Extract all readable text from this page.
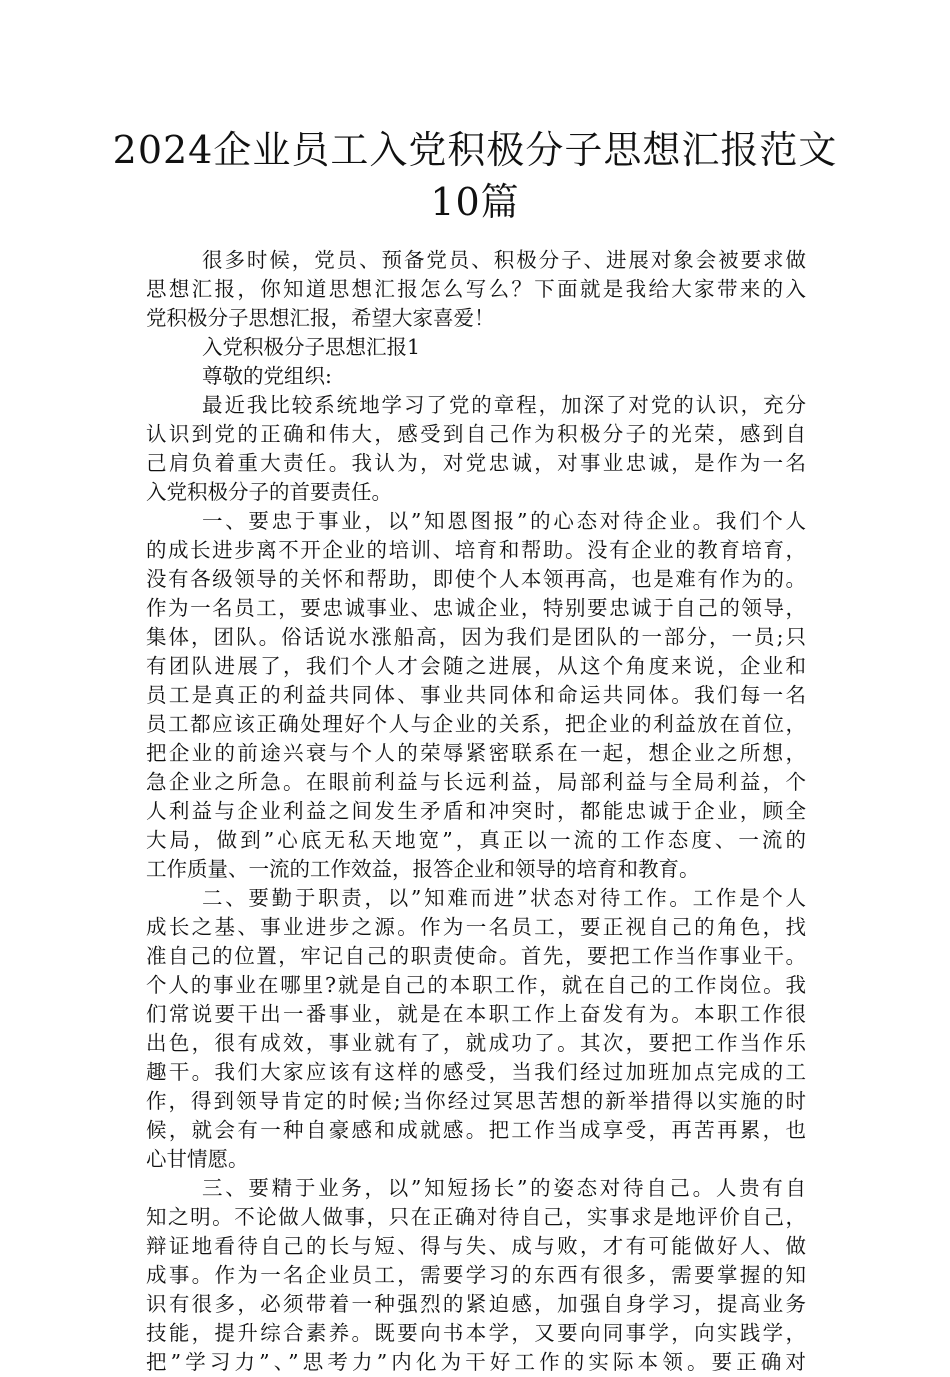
2024企业员工入党积极分子思想汇报范文
10篇
很多时候，党员、预备党员、积极分子、进展对象会被要求做
思想汇报，你知道思想汇报怎么写么？下面就是我给大家带来的入
党积极分子思想汇报，希望大家喜爱！
入党积极分子思想汇报1
尊敬的党组织:
最近我比较系统地学习了党的章程，加深了对党的认识，充分
认识到党的正确和伟大，感受到自己作为积极分子的光荣，感到自
己肩负着重大责任。我认为，对党忠诚，对事业忠诚，是作为一名
入党积极分子的首要责任。
一、要忠于事业，以”知恩图报”的心态对待企业。我们个人
的成长进步离不开企业的培训、培育和帮助。没有企业的教育培育，
没有各级领导的关怀和帮助，即使个人本领再高，也是难有作为的。
作为一名员工，要忠诚事业、忠诚企业，特别要忠诚于自己的领导，
集体，团队。俗话说水涨船高，因为我们是团队的一部分，一员;只
有团队进展了，我们个人才会随之进展，从这个角度来说，企业和
员工是真正的利益共同体、事业共同体和命运共同体。我们每一名
员工都应该正确处理好个人与企业的关系，把企业的利益放在首位，
把企业的前途兴衰与个人的荣辱紧密联系在一起，想企业之所想，
急企业之所急。在眼前利益与长远利益，局部利益与全局利益，个
人利益与企业利益之间发生矛盾和冲突时，都能忠诚于企业，顾全
大局，做到”心底无私天地宽”，真正以一流的工作态度、一流的
工作质量、一流的工作效益，报答企业和领导的培育和教育。
二、要勤于职责，以”知难而进”状态对待工作。工作是个人
成长之基、事业进步之源。作为一名员工，要正视自己的角色，找
准自己的位置，牢记自己的职责使命。首先，要把工作当作事业干。
个人的事业在哪里?就是自己的本职工作，就在自己的工作岗位。我
们常说要干出一番事业，就是在本职工作上奋发有为。本职工作很
出色，很有成效，事业就有了，就成功了。其次，要把工作当作乐
趣干。我们大家应该有这样的感受，当我们经过加班加点完成的工
作，得到领导肯定的时候;当你经过冥思苦想的新举措得以实施的时
候，就会有一种自豪感和成就感。把工作当成享受，再苦再累，也
心甘情愿。
三、要精于业务，以”知短扬长”的姿态对待自己。人贵有自
知之明。不论做人做事，只在正确对待自己，实事求是地评价自己，
辩证地看待自己的长与短、得与失、成与败，才有可能做好人、做
成事。作为一名企业员工，需要学习的东西有很多，需要掌握的知
识有很多，必须带着一种强烈的紧迫感，加强自身学习，提高业务
技能，提升综合素养。既要向书本学，又要向同事学，向实践学，
把”学习力”、”思考力”内化为干好工作的实际本领。要正确对
